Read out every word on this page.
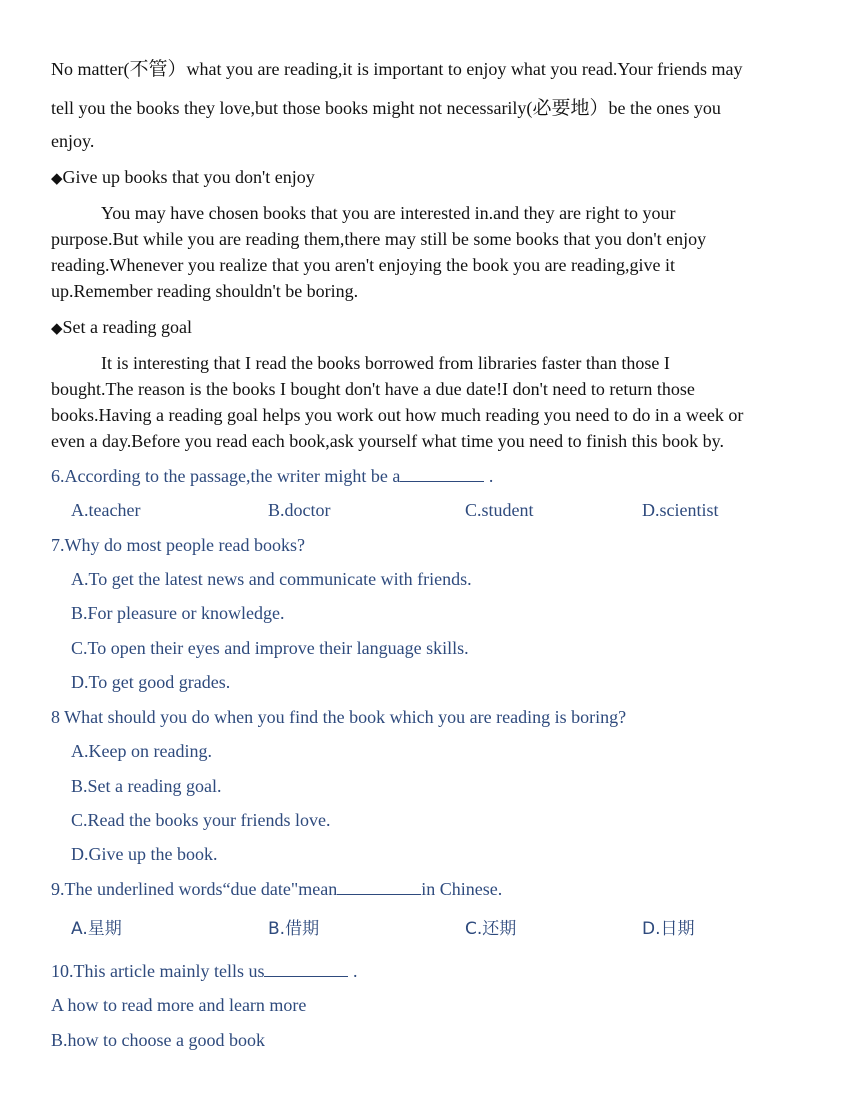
No matter(不管）what you are reading,it is important to enjoy what you read.Your friends may
tell you the books they love,but those books might not necessarily(必要地）be the ones you
enjoy.
◆Give up books that you don't enjoy
You may have chosen books that you are interested in.and they are right to your
purpose.But while you are reading them,there may still be some books that you don't enjoy
reading.Whenever you realize that you aren't enjoying the book you are reading,give it
up.Remember reading shouldn't be boring.
◆Set a reading goal
It is interesting that I read the books borrowed from libraries faster than those I
bought.The reason is the books I bought don't have a due date!I don't need to return those
books.Having a reading goal helps you work out how much reading you need to do in a week or
even a day.Before you read each book,ask yourself what time you need to finish this book by.
6.According to the passage,the writer might be a	.
A.teacher	B.doctor	C.student	D.scientist
7.Why do most people read books?
A.To get the latest news and communicate with friends.
B.For pleasure or knowledge.
C.To open their eyes and improve their language skills.
D.To get good grades.
8 What should you do when you find the book which you are reading is boring?
A.Keep on reading.
B.Set a reading goal.
C.Read the books your friends love.
D.Give up the book.
9.The underlined words“due date"mean	in Chinese.
A.星期	B.借期	C.还期	D.日期
10.This article mainly tells us	.
A how to read more and learn more
B.how to choose a good book
